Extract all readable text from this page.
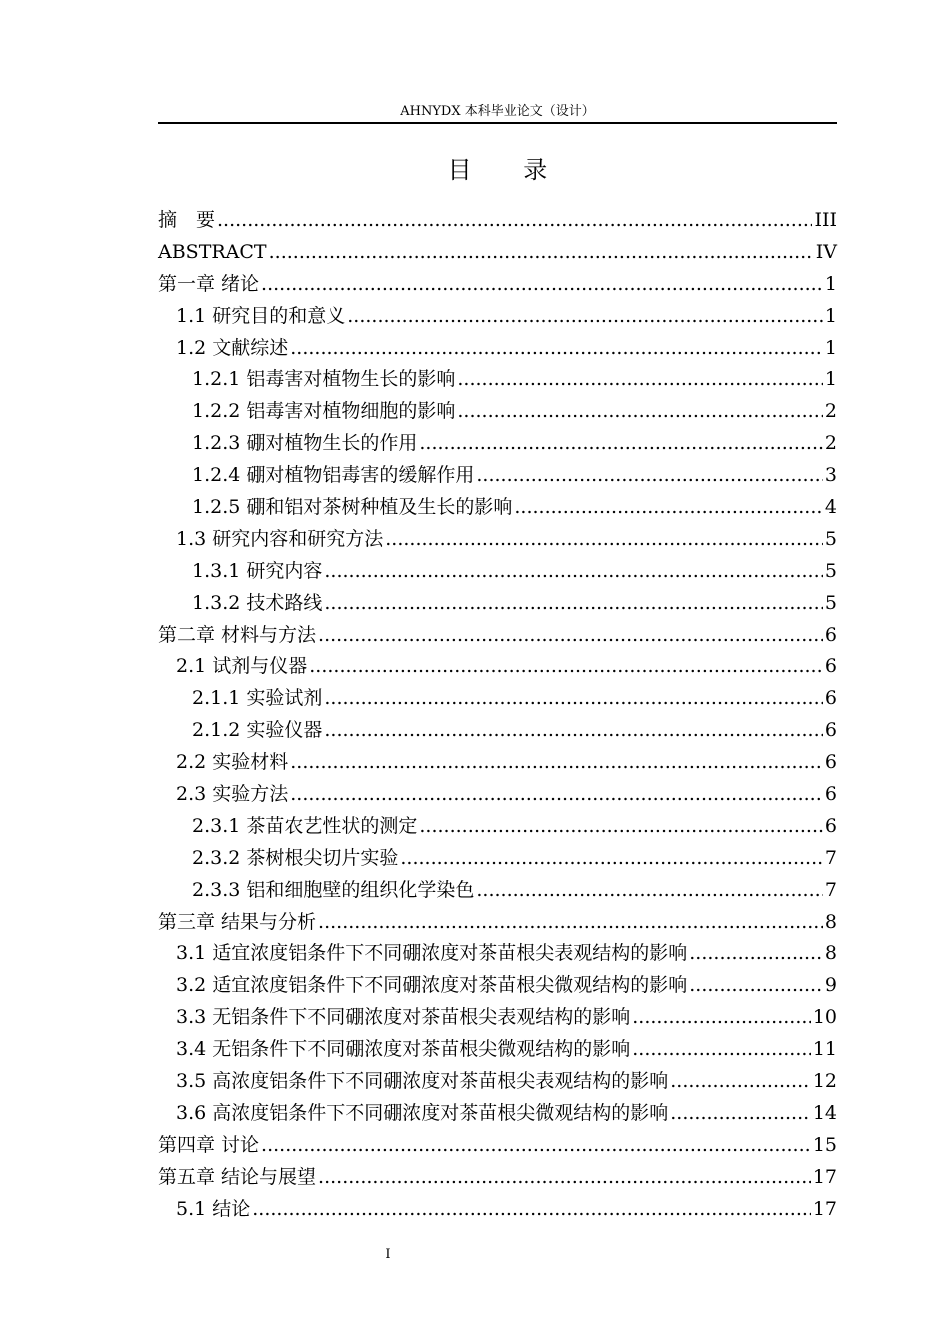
AHNYDX 本科毕业论文（设计）
目 录
摘　要 .....	III
ABSTRACT .....	IV
第一章 绪论 .....	1
1.1 研究目的和意义 .....	1
1.2 文献综述 .....	1
1.2.1 铝毒害对植物生长的影响 .....	1
1.2.2 铝毒害对植物细胞的影响 .....	2
1.2.3 硼对植物生长的作用 .....	2
1.2.4 硼对植物铝毒害的缓解作用 .....	3
1.2.5 硼和铝对茶树种植及生长的影响 .....	4
1.3 研究内容和研究方法 .....	5
1.3.1 研究内容 .....	5
1.3.2 技术路线 .....	5
第二章 材料与方法 .....	6
2.1 试剂与仪器 .....	6
2.1.1 实验试剂 .....	6
2.1.2 实验仪器 .....	6
2.2 实验材料 .....	6
2.3 实验方法 .....	6
2.3.1 茶苗农艺性状的测定 .....	6
2.3.2 茶树根尖切片实验 .....	7
2.3.3 铝和细胞壁的组织化学染色 .....	7
第三章 结果与分析 .....	8
3.1 适宜浓度铝条件下不同硼浓度对茶苗根尖表观结构的影响 .....	8
3.2 适宜浓度铝条件下不同硼浓度对茶苗根尖微观结构的影响 .....	9
3.3 无铝条件下不同硼浓度对茶苗根尖表观结构的影响 .....	10
3.4 无铝条件下不同硼浓度对茶苗根尖微观结构的影响 .....	11
3.5 高浓度铝条件下不同硼浓度对茶苗根尖表观结构的影响 .....	12
3.6 高浓度铝条件下不同硼浓度对茶苗根尖微观结构的影响 .....	14
第四章 讨论 .....	15
第五章 结论与展望 .....	17
5.1 结论 .....	17
I
